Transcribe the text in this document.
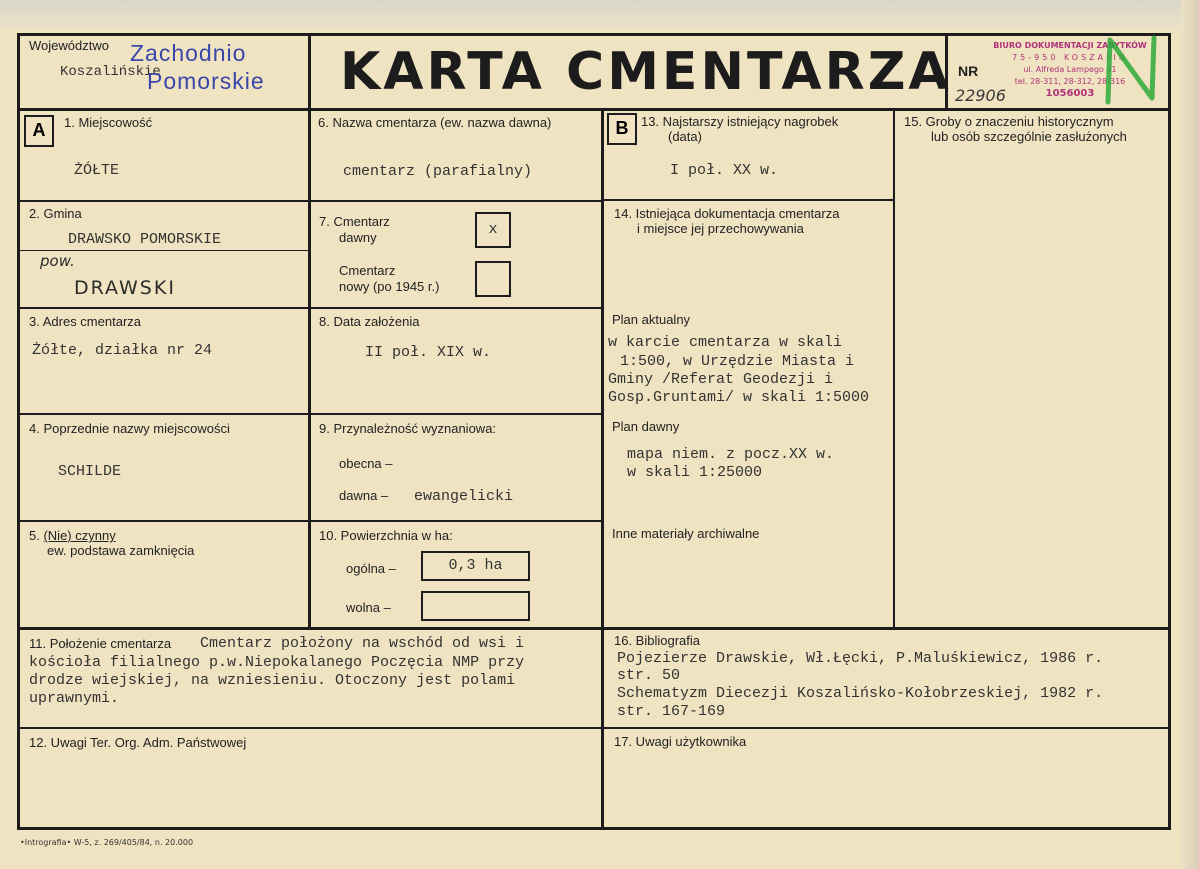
Województwo Zachodnio
Koszalińskie
Pomorskie KARTA CMENTARZA NR
22906
BIURO DOKUMENTACJI ZABYTKÓW
75-950 KOSZALIN
ul. Alfreda Lampego 31
tel. 28-311, 28-312, 28-316
1056003
A	B
1. Miejscowość
ŻÓŁTE
6. Nazwa cmentarza (ew. nazwa dawna)
cmentarz (parafialny)
13. Najstarszy istniejący nagrobek
(data)
I poł. XX w.
15. Groby o znaczeniu historycznym
lub osób szczególnie zasłużonych
2. Gmina
DRAWSKO POMORSKIE
pow.
DRAWSKI
7. Cmentarz
dawny	x
Cmentarz
nowy (po 1945 r.)
14. Istniejąca dokumentacja cmentarza
i miejsce jej przechowywania
3. Adres cmentarza
Żółte, działka nr 24
8. Data założenia
II poł. XIX w.
Plan aktualny
w karcie cmentarza w skali
1:500, w Urzędzie Miasta i
Gminy /Referat Geodezji i
Gosp.Gruntami/ w skali 1:5000
4. Poprzednie nazwy miejscowości
SCHILDE
9. Przynależność wyznaniowa:
obecna –
dawna – ewangelicki
Plan dawny
mapa niem. z pocz.XX w.
w skali 1:25000
5. (Nie) czynny
ew. podstawa zamknięcia
10. Powierzchnia w ha:
ogólna –	0,3 ha
wolna –
Inne materiały archiwalne
11. Położenie cmentarza Cmentarz położony na wschód od wsi i
kościoła filialnego p.w.Niepokalanego Poczęcia NMP przy
drodze wiejskiej, na wzniesieniu. Otoczony jest polami
uprawnymi.
16. Bibliografia
Pojezierze Drawskie, Wł.Łęcki, P.Maluśkiewicz, 1986 r.
str. 50
Schematyzm Diecezji Koszalińsko-Kołobrzeskiej, 1982 r.
str. 167-169
12. Uwagi Ter. Org. Adm. Państwowej	17. Uwagi użytkownika
•Intrografia• W-5, z. 269/405/84, n. 20.000
